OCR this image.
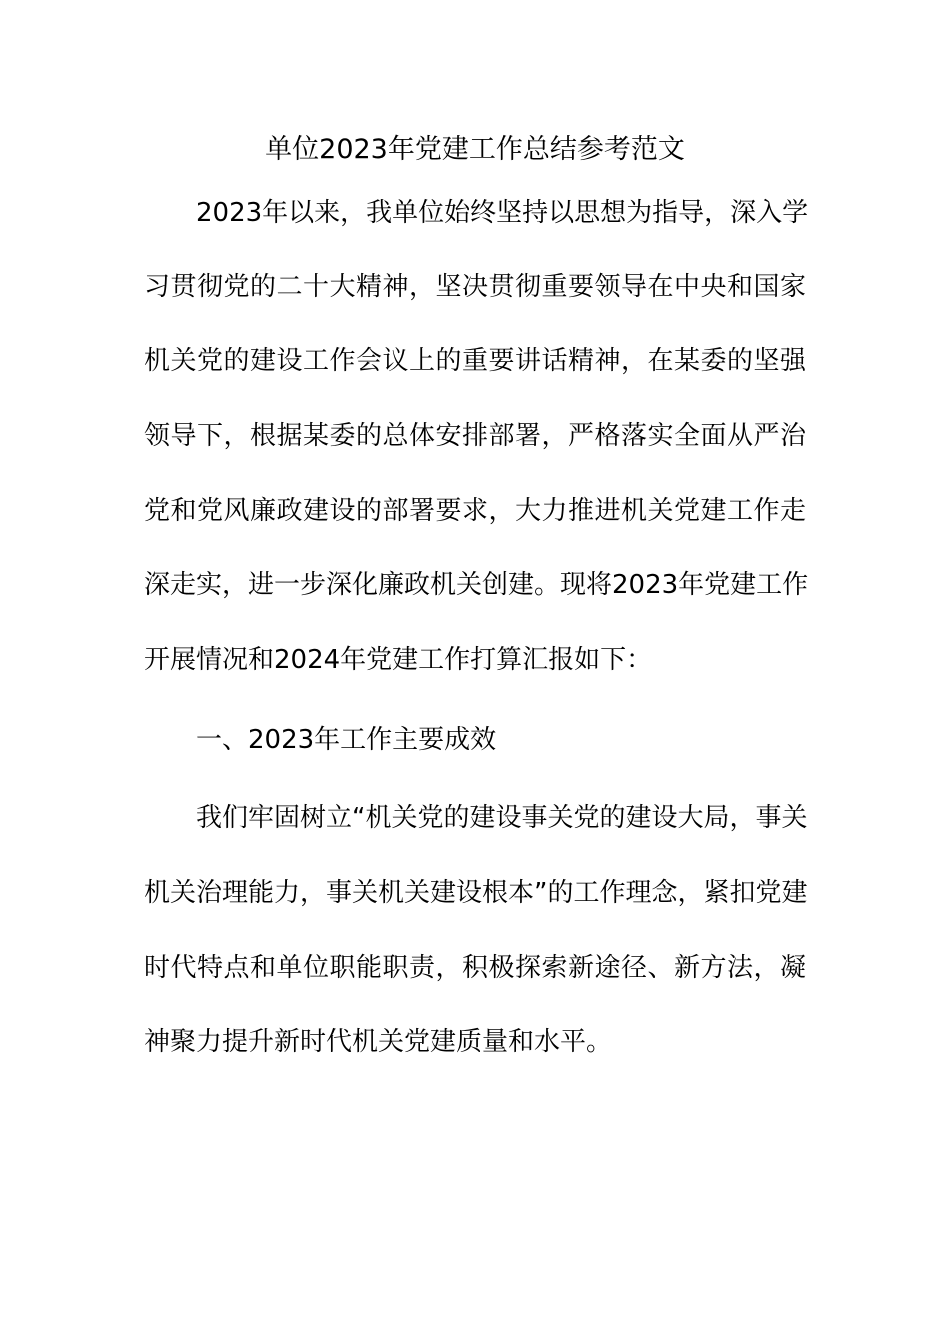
单位2023年党建工作总结参考范文
2023年以来，我单位始终坚持以思想为指导，深入学
习贯彻党的二十大精神，坚决贯彻重要领导在中央和国家
机关党的建设工作会议上的重要讲话精神，在某委的坚强
领导下，根据某委的总体安排部署，严格落实全面从严治
党和党风廉政建设的部署要求，大力推进机关党建工作走
深走实，进一步深化廉政机关创建。现将2023年党建工作
开展情况和2024年党建工作打算汇报如下：
一、2023年工作主要成效
我们牢固树立“机关党的建设事关党的建设大局，事关
机关治理能力，事关机关建设根本”的工作理念，紧扣党建
时代特点和单位职能职责，积极探索新途径、新方法，凝
神聚力提升新时代机关党建质量和水平。
